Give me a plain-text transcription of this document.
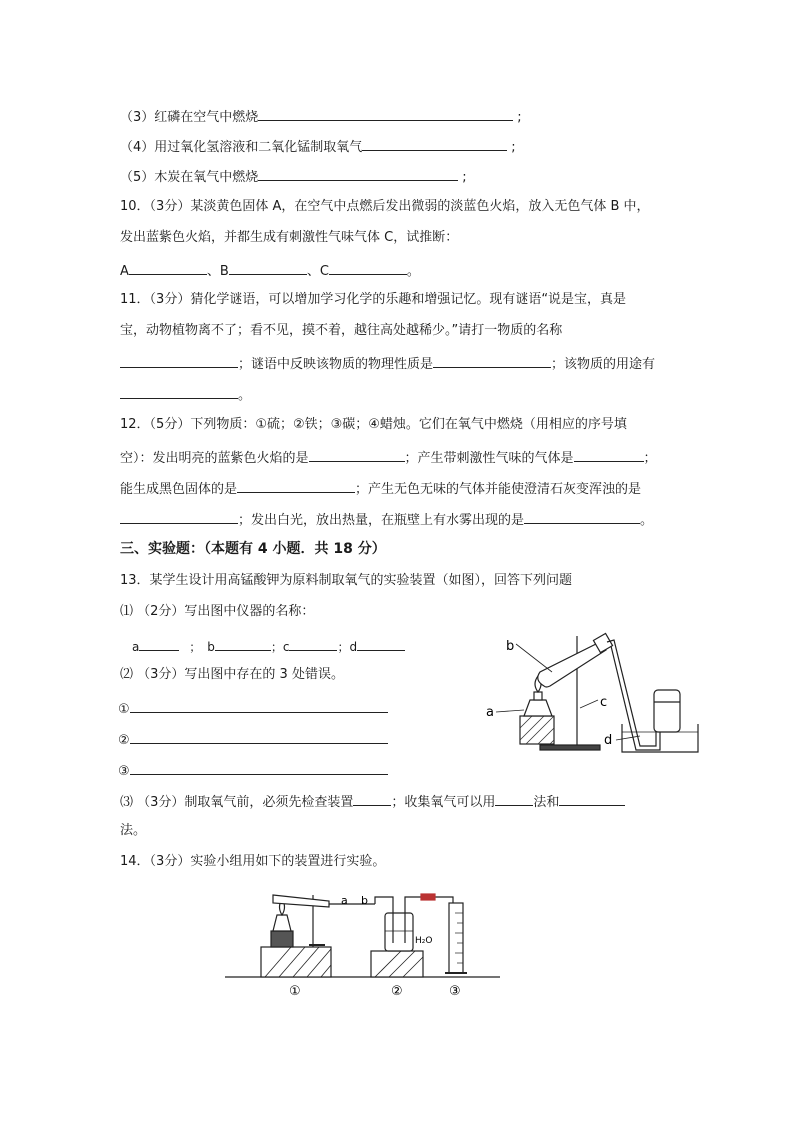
（3）红磷在空气中燃烧	;
（4）用过氧化氢溶液和二氧化锰制取氧气	;
（5）木炭在氧气中燃烧	;
10．（3分）某淡黄色固体 A，在空气中点燃后发出微弱的淡蓝色火焰，放入无色气体 B 中，
发出蓝紫色火焰，并都生成有刺激性气味气体 C，试推断：
A	、B	、C	。
11．（3分）猜化学谜语，可以增加学习化学的乐趣和增强记忆。现有谜语“说是宝，真是
宝，动物植物离不了；看不见，摸不着，越往高处越稀少。”请打一物质的名称
；谜语中反映该物质的物理性质是	；该物质的用途有
。
12．（5分）下列物质：①硫；②铁；③碳；④蜡烛。它们在氧气中燃烧（用相应的序号填
空）：发出明亮的蓝紫色火焰的是	；产生带刺激性气味的气体是	；
能生成黑色固体的是	；产生无色无味的气体并能使澄清石灰变浑浊的是
；发出白光，放出热量，在瓶壁上有水雾出现的是	。
三、实验题：（本题有 4 小题．共 18 分）
13．某学生设计用高锰酸钾为原料制取氧气的实验装置（如图），回答下列问题
⑴ （2分）写出图中仪器的名称：
a	； b	；c	；d
⑵ （3分）写出图中存在的 3 处错误。
①
②
③
⑶ （3分）制取氧气前，必须先检查装置	；收集氧气可以用	法和
法。
b
a
c
d
14．（3分）实验小组用如下的装置进行实验。
a b
H₂O
①	②	③
